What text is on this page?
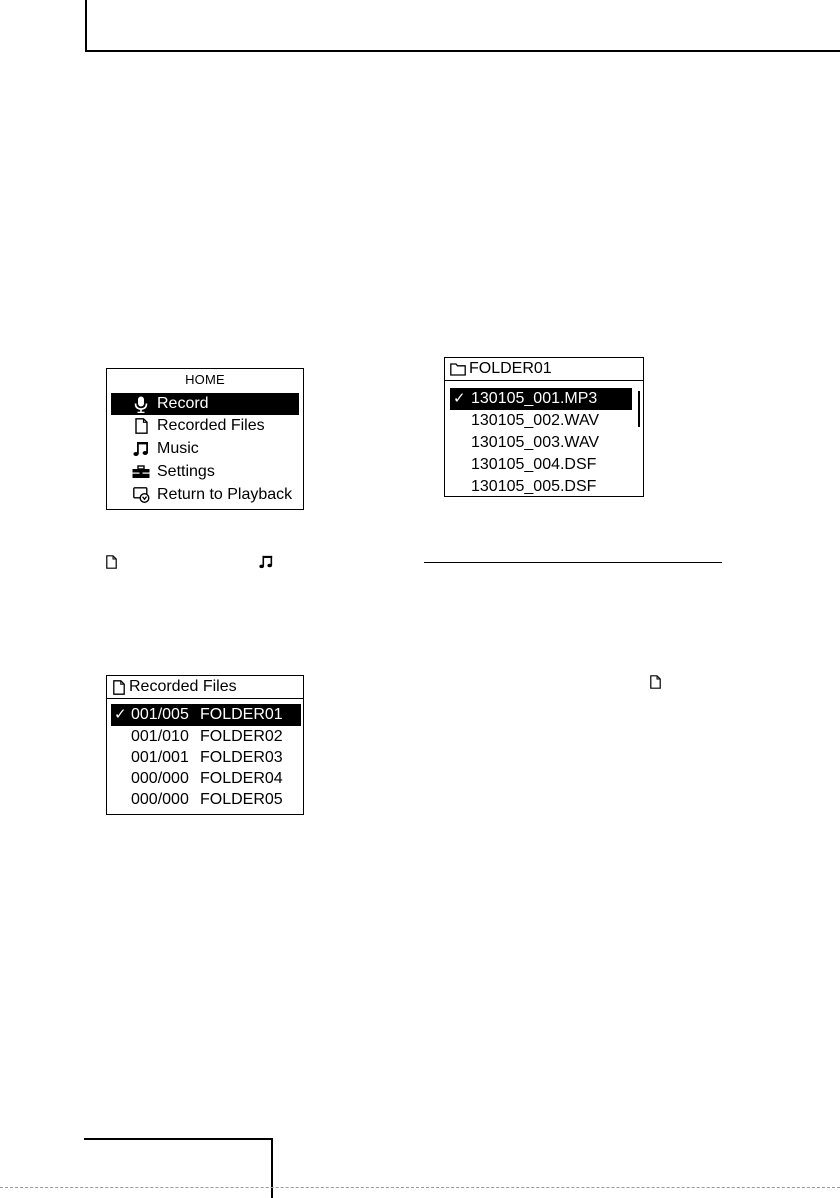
HOME
Record
Recorded Files
Music
Settings
Return to Playback
FOLDER01
✓ 130105_001.MP3
130105_002.WAV
130105_003.WAV
130105_004.DSF
130105_005.DSF
Recorded Files
✓ 001/005 FOLDER01
001/010 FOLDER02
001/001 FOLDER03
000/000 FOLDER04
000/000 FOLDER05
